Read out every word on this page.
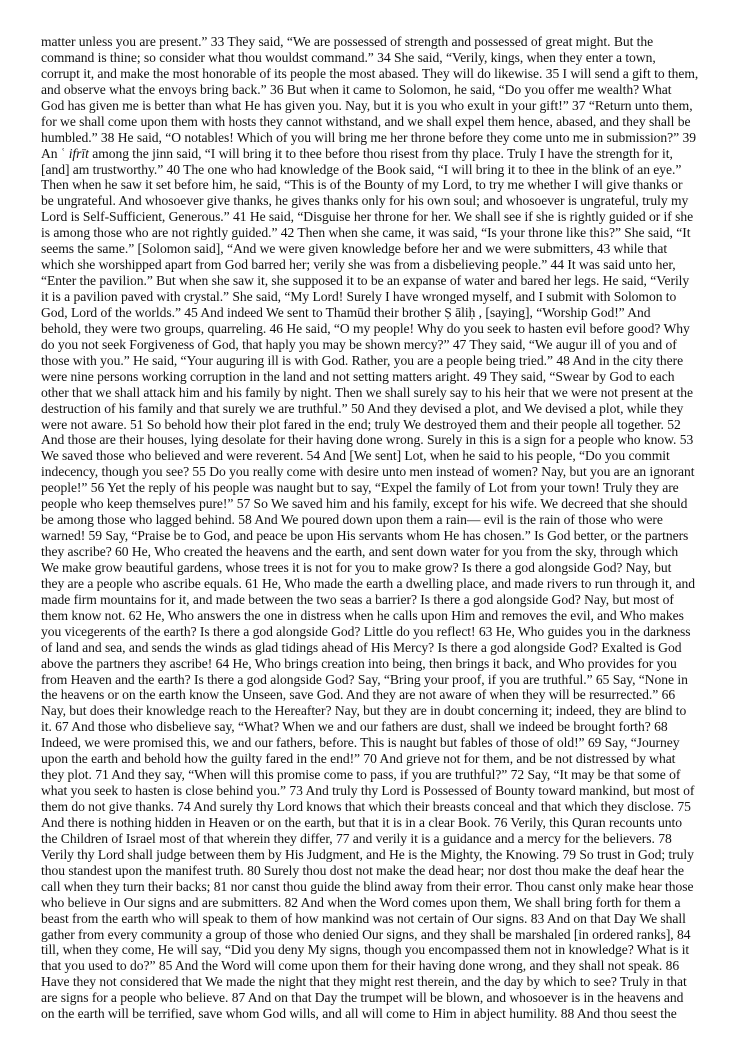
matter unless you are present.” 33 They said, “We are possessed of strength and possessed of great might. But the
command is thine; so consider what thou wouldst command.” 34 She said, “Verily, kings, when they enter a town,
corrupt it, and make the most honorable of its people the most abased. They will do likewise. 35 I will send a gift to them,
and observe what the envoys bring back.” 36 But when it came to Solomon, he said, “Do you offer me wealth? What
God has given me is better than what He has given you. Nay, but it is you who exult in your gift!” 37 “Return unto them,
for we shall come upon them with hosts they cannot withstand, and we shall expel them hence, abased, and they shall be
humbled.” 38 He said, “O notables! Which of you will bring me her throne before they come unto me in submission?” 39
An ʿ ifrīt among the jinn said, “I will bring it to thee before thou risest from thy place. Truly I have the strength for it,
[and] am trustworthy.” 40 The one who had knowledge of the Book said, “I will bring it to thee in the blink of an eye.”
Then when he saw it set before him, he said, “This is of the Bounty of my Lord, to try me whether I will give thanks or
be ungrateful. And whosoever give thanks, he gives thanks only for his own soul; and whosoever is ungrateful, truly my
Lord is Self-Sufficient, Generous.” 41 He said, “Disguise her throne for her. We shall see if she is rightly guided or if she
is among those who are not rightly guided.” 42 Then when she came, it was said, “Is your throne like this?” She said, “It
seems the same.” [Solomon said], “And we were given knowledge before her and we were submitters, 43 while that
which she worshipped apart from God barred her; verily she was from a disbelieving people.” 44 It was said unto her,
“Enter the pavilion.” But when she saw it, she supposed it to be an expanse of water and bared her legs. He said, “Verily
it is a pavilion paved with crystal.” She said, “My Lord! Surely I have wronged myself, and I submit with Solomon to
God, Lord of the worlds.” 45 And indeed We sent to Thamūd their brother Ṣ āliḥ , [saying], “Worship God!” And
behold, they were two groups, quarreling. 46 He said, “O my people! Why do you seek to hasten evil before good? Why
do you not seek Forgiveness of God, that haply you may be shown mercy?” 47 They said, “We augur ill of you and of
those with you.” He said, “Your auguring ill is with God. Rather, you are a people being tried.” 48 And in the city there
were nine persons working corruption in the land and not setting matters aright. 49 They said, “Swear by God to each
other that we shall attack him and his family by night. Then we shall surely say to his heir that we were not present at the
destruction of his family and that surely we are truthful.” 50 And they devised a plot, and We devised a plot, while they
were not aware. 51 So behold how their plot fared in the end; truly We destroyed them and their people all together. 52
And those are their houses, lying desolate for their having done wrong. Surely in this is a sign for a people who know. 53
We saved those who believed and were reverent. 54 And [We sent] Lot, when he said to his people, “Do you commit
indecency, though you see? 55 Do you really come with desire unto men instead of women? Nay, but you are an ignorant
people!” 56 Yet the reply of his people was naught but to say, “Expel the family of Lot from your town! Truly they are
people who keep themselves pure!” 57 So We saved him and his family, except for his wife. We decreed that she should
be among those who lagged behind. 58 And We poured down upon them a rain— evil is the rain of those who were
warned! 59 Say, “Praise be to God, and peace be upon His servants whom He has chosen.” Is God better, or the partners
they ascribe? 60 He, Who created the heavens and the earth, and sent down water for you from the sky, through which
We make grow beautiful gardens, whose trees it is not for you to make grow? Is there a god alongside God? Nay, but
they are a people who ascribe equals. 61 He, Who made the earth a dwelling place, and made rivers to run through it, and
made firm mountains for it, and made between the two seas a barrier? Is there a god alongside God? Nay, but most of
them know not. 62 He, Who answers the one in distress when he calls upon Him and removes the evil, and Who makes
you vicegerents of the earth? Is there a god alongside God? Little do you reflect! 63 He, Who guides you in the darkness
of land and sea, and sends the winds as glad tidings ahead of His Mercy? Is there a god alongside God? Exalted is God
above the partners they ascribe! 64 He, Who brings creation into being, then brings it back, and Who provides for you
from Heaven and the earth? Is there a god alongside God? Say, “Bring your proof, if you are truthful.” 65 Say, “None in
the heavens or on the earth know the Unseen, save God. And they are not aware of when they will be resurrected.” 66
Nay, but does their knowledge reach to the Hereafter? Nay, but they are in doubt concerning it; indeed, they are blind to
it. 67 And those who disbelieve say, “What? When we and our fathers are dust, shall we indeed be brought forth? 68
Indeed, we were promised this, we and our fathers, before. This is naught but fables of those of old!” 69 Say, “Journey
upon the earth and behold how the guilty fared in the end!” 70 And grieve not for them, and be not distressed by what
they plot. 71 And they say, “When will this promise come to pass, if you are truthful?” 72 Say, “It may be that some of
what you seek to hasten is close behind you.” 73 And truly thy Lord is Possessed of Bounty toward mankind, but most of
them do not give thanks. 74 And surely thy Lord knows that which their breasts conceal and that which they disclose. 75
And there is nothing hidden in Heaven or on the earth, but that it is in a clear Book. 76 Verily, this Quran recounts unto
the Children of Israel most of that wherein they differ, 77 and verily it is a guidance and a mercy for the believers. 78
Verily thy Lord shall judge between them by His Judgment, and He is the Mighty, the Knowing. 79 So trust in God; truly
thou standest upon the manifest truth. 80 Surely thou dost not make the dead hear; nor dost thou make the deaf hear the
call when they turn their backs; 81 nor canst thou guide the blind away from their error. Thou canst only make hear those
who believe in Our signs and are submitters. 82 And when the Word comes upon them, We shall bring forth for them a
beast from the earth who will speak to them of how mankind was not certain of Our signs. 83 And on that Day We shall
gather from every community a group of those who denied Our signs, and they shall be marshaled [in ordered ranks], 84
till, when they come, He will say, “Did you deny My signs, though you encompassed them not in knowledge? What is it
that you used to do?” 85 And the Word will come upon them for their having done wrong, and they shall not speak. 86
Have they not considered that We made the night that they might rest therein, and the day by which to see? Truly in that
are signs for a people who believe. 87 And on that Day the trumpet will be blown, and whosoever is in the heavens and
on the earth will be terrified, save whom God wills, and all will come to Him in abject humility. 88 And thou seest the
